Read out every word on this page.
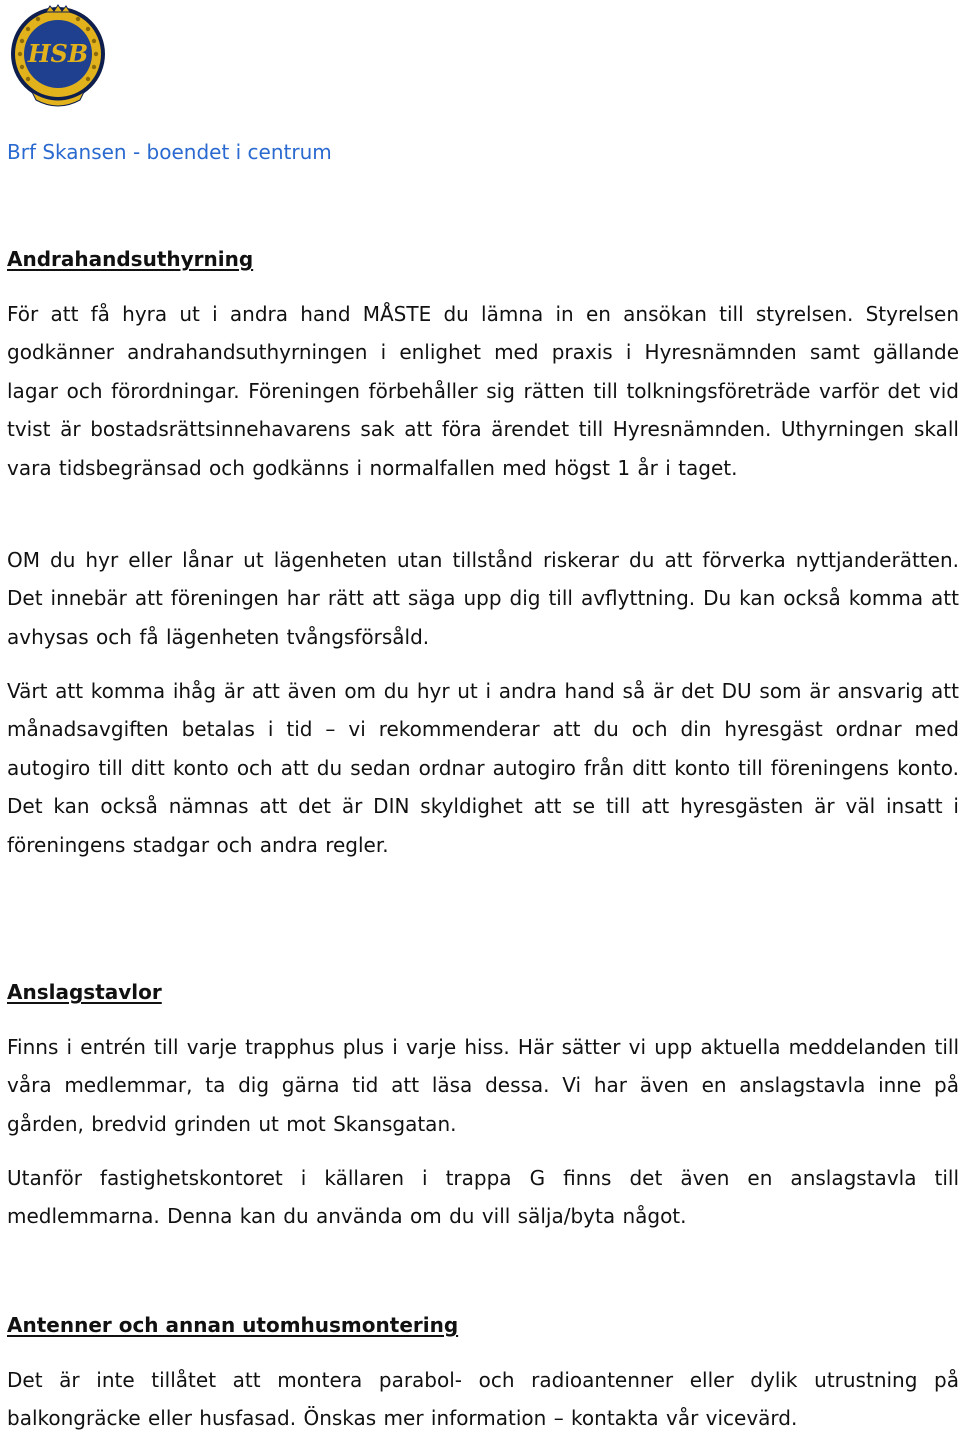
HSB
Brf Skansen - boendet i centrum
Andrahandsuthyrning

För att få hyra ut i andra hand MÅSTE du lämna in en ansökan till styrelsen. Styrelsen godkänner andrahandsuthyrningen i enlighet med praxis i Hyresnämnden samt gällande lagar och förordningar. Föreningen förbehåller sig rätten till tolkningsföreträde varför det vid tvist är bostadsrättsinnehavarens sak att föra ärendet till Hyresnämnden. Uthyrningen skall vara tidsbegränsad och godkänns i normalfallen med högst 1 år i taget.

OM du hyr eller lånar ut lägenheten utan tillstånd riskerar du att förverka nyttjanderätten. Det innebär att föreningen har rätt att säga upp dig till avflyttning. Du kan också komma att avhysas och få lägenheten tvångsförsåld.

Värt att komma ihåg är att även om du hyr ut i andra hand så är det DU som är ansvarig att månadsavgiften betalas i tid – vi rekommenderar att du och din hyresgäst ordnar med autogiro till ditt konto och att du sedan ordnar autogiro från ditt konto till föreningens konto. Det kan också nämnas att det är DIN skyldighet att se till att hyresgästen är väl insatt i föreningens stadgar och andra regler.

Anslagstavlor

Finns i entrén till varje trapphus plus i varje hiss. Här sätter vi upp aktuella meddelanden till våra medlemmar, ta dig gärna tid att läsa dessa. Vi har även en anslagstavla inne på gården, bredvid grinden ut mot Skansgatan.

Utanför fastighetskontoret i källaren i trappa G finns det även en anslagstavla till medlemmarna. Denna kan du använda om du vill sälja/byta något.

Antenner och annan utomhusmontering

Det är inte tillåtet att montera parabol- och radioantenner eller dylik utrustning på balkongräcke eller husfasad. Önskas mer information – kontakta vår vicevärd.
